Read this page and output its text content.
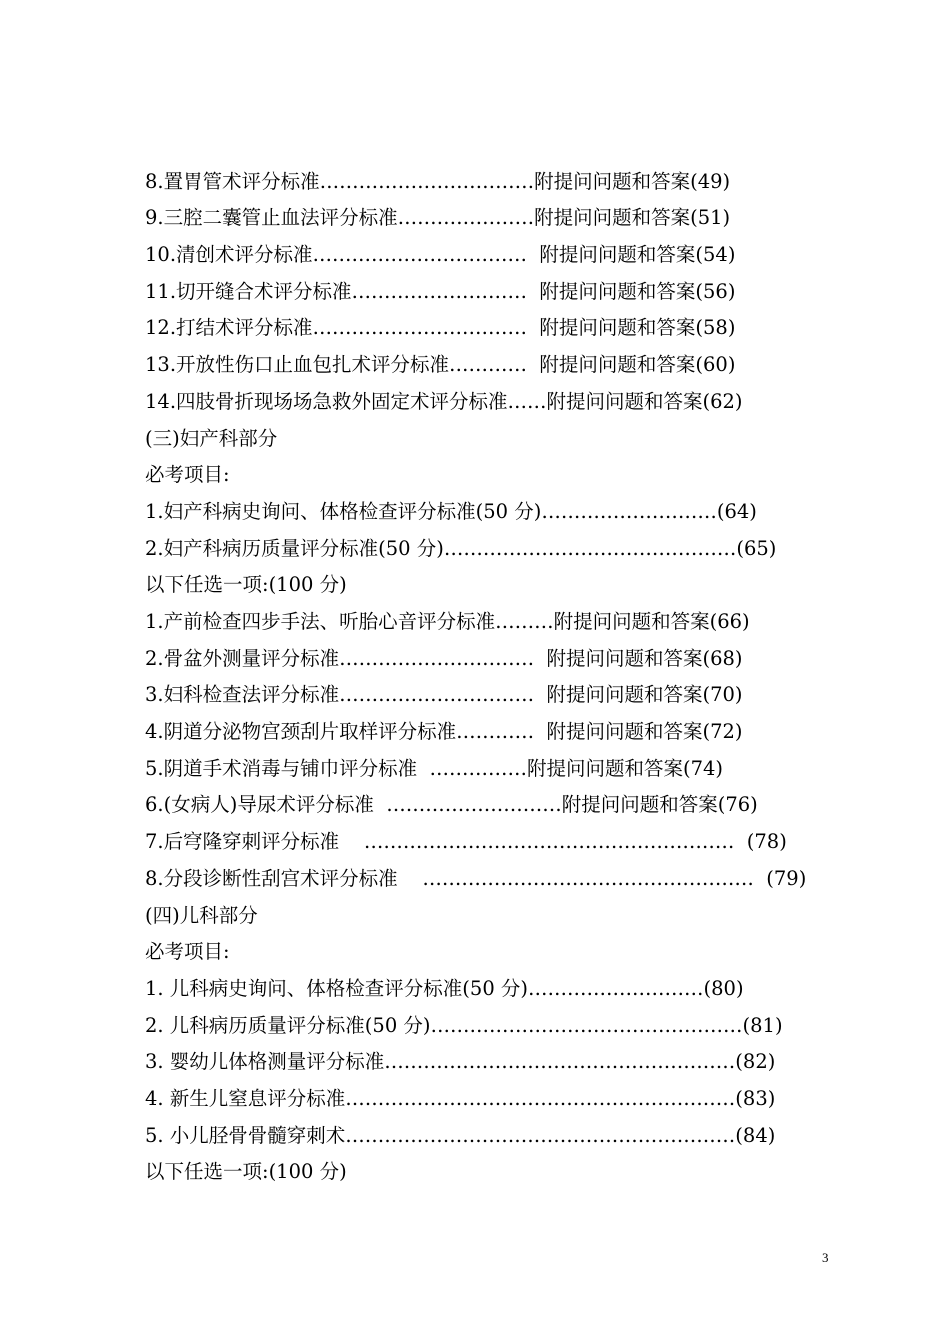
8.置胃管术评分标准……………………………附提问问题和答案(49)
9.三腔二囊管止血法评分标准…………………附提问问题和答案(51)
10.清创术评分标准……………………………  附提问问题和答案(54)
11.切开缝合术评分标准………………………  附提问问题和答案(56)
12.打结术评分标准……………………………  附提问问题和答案(58)
13.开放性伤口止血包扎术评分标准…………  附提问问题和答案(60)
14.四肢骨折现场场急救外固定术评分标准……附提问问题和答案(62)
(三)妇产科部分
必考项目:
1.妇产科病史询问、体格检查评分标准(50 分)………………………(64)
2.妇产科病历质量评分标准(50 分)………………………………………(65)
以下任选一项:(100 分)
1.产前检查四步手法、听胎心音评分标准………附提问问题和答案(66)
2.骨盆外测量评分标准…………………………  附提问问题和答案(68)
3.妇科检查法评分标准…………………………  附提问问题和答案(70)
4.阴道分泌物宫颈刮片取样评分标准…………  附提问问题和答案(72)
5.阴道手术消毒与铺巾评分标准  ……………附提问问题和答案(74)
6.(女病人)导尿术评分标准  ………………………附提问问题和答案(76)
7.后穹隆穿刺评分标准    …………………………………………………  (78)
8.分段诊断性刮宫术评分标准    ……………………………………………  (79)
(四)儿科部分
必考项目:
1. 儿科病史询问、体格检查评分标准(50 分)………………………(80)
2. 儿科病历质量评分标准(50 分)…………………………………………(81)
3. 婴幼儿体格测量评分标准………………………………………………(82)
4. 新生儿窒息评分标准……………………………………………………(83)
5. 小儿胫骨骨髓穿刺术……………………………………………………(84)
以下任选一项:(100 分)
3
